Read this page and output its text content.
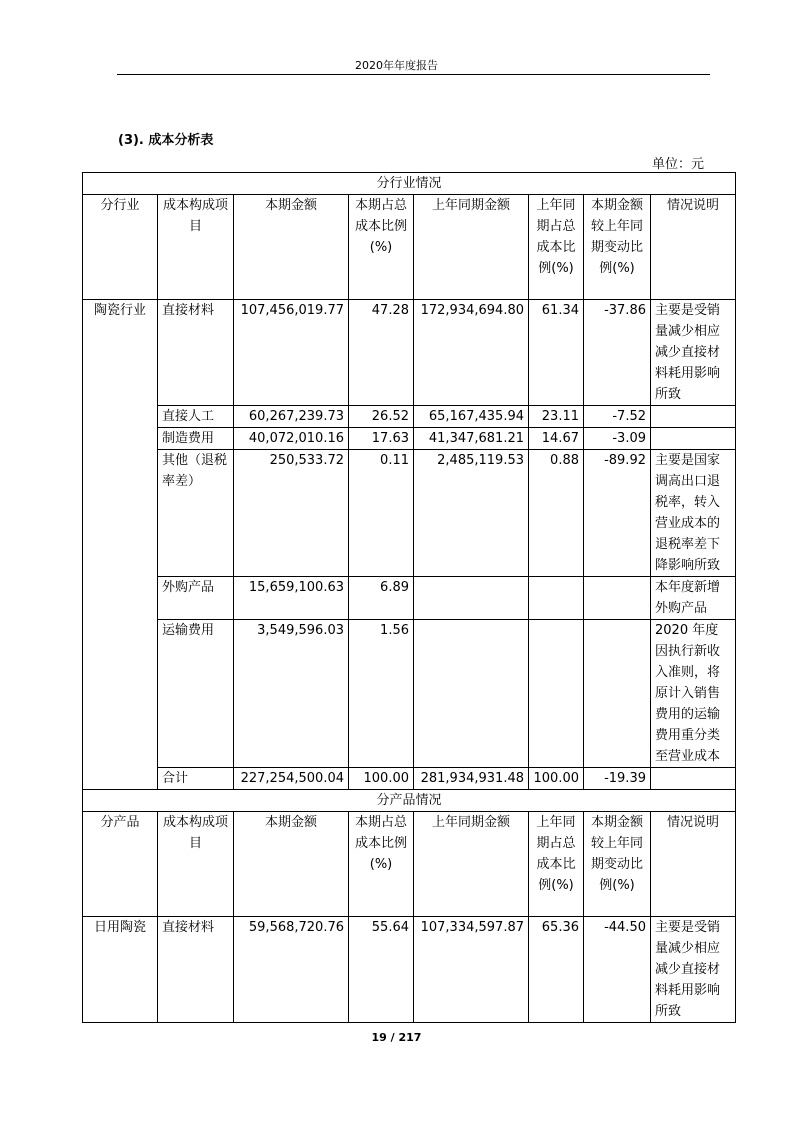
2020年年度报告
(3). 成本分析表
单位：元
分行业情况							
分行业	成本构成项目	本期金额	本期占总成本比例(%)	上年同期金额	上年同期占总成本比例(%)	本期金额较上年同期变动比例(%)	情况说明
陶瓷行业	直接材料	107,456,019.77	47.28	172,934,694.80	61.34	-37.86	主要是受销量减少相应减少直接材料耗用影响所致
	直接人工	60,267,239.73	26.52	65,167,435.94	23.11	-7.52	
	制造费用	40,072,010.16	17.63	41,347,681.21	14.67	-3.09	
	其他（退税率差）	250,533.72	0.11	2,485,119.53	0.88	-89.92	主要是国家调高出口退税率，转入营业成本的退税率差下降影响所致
	外购产品	15,659,100.63	6.89				本年度新增外购产品
	运输费用	3,549,596.03	1.56				2020 年度因执行新收入准则，将原计入销售费用的运输费用重分类至营业成本
	合计	227,254,500.04	100.00	281,934,931.48	100.00	-19.39	
分产品情况							
分产品	成本构成项目	本期金额	本期占总成本比例(%)	上年同期金额	上年同期占总成本比例(%)	本期金额较上年同期变动比例(%)	情况说明
日用陶瓷	直接材料	59,568,720.76	55.64	107,334,597.87	65.36	-44.50	主要是受销量减少相应减少直接材料耗用影响所致
19 / 217
